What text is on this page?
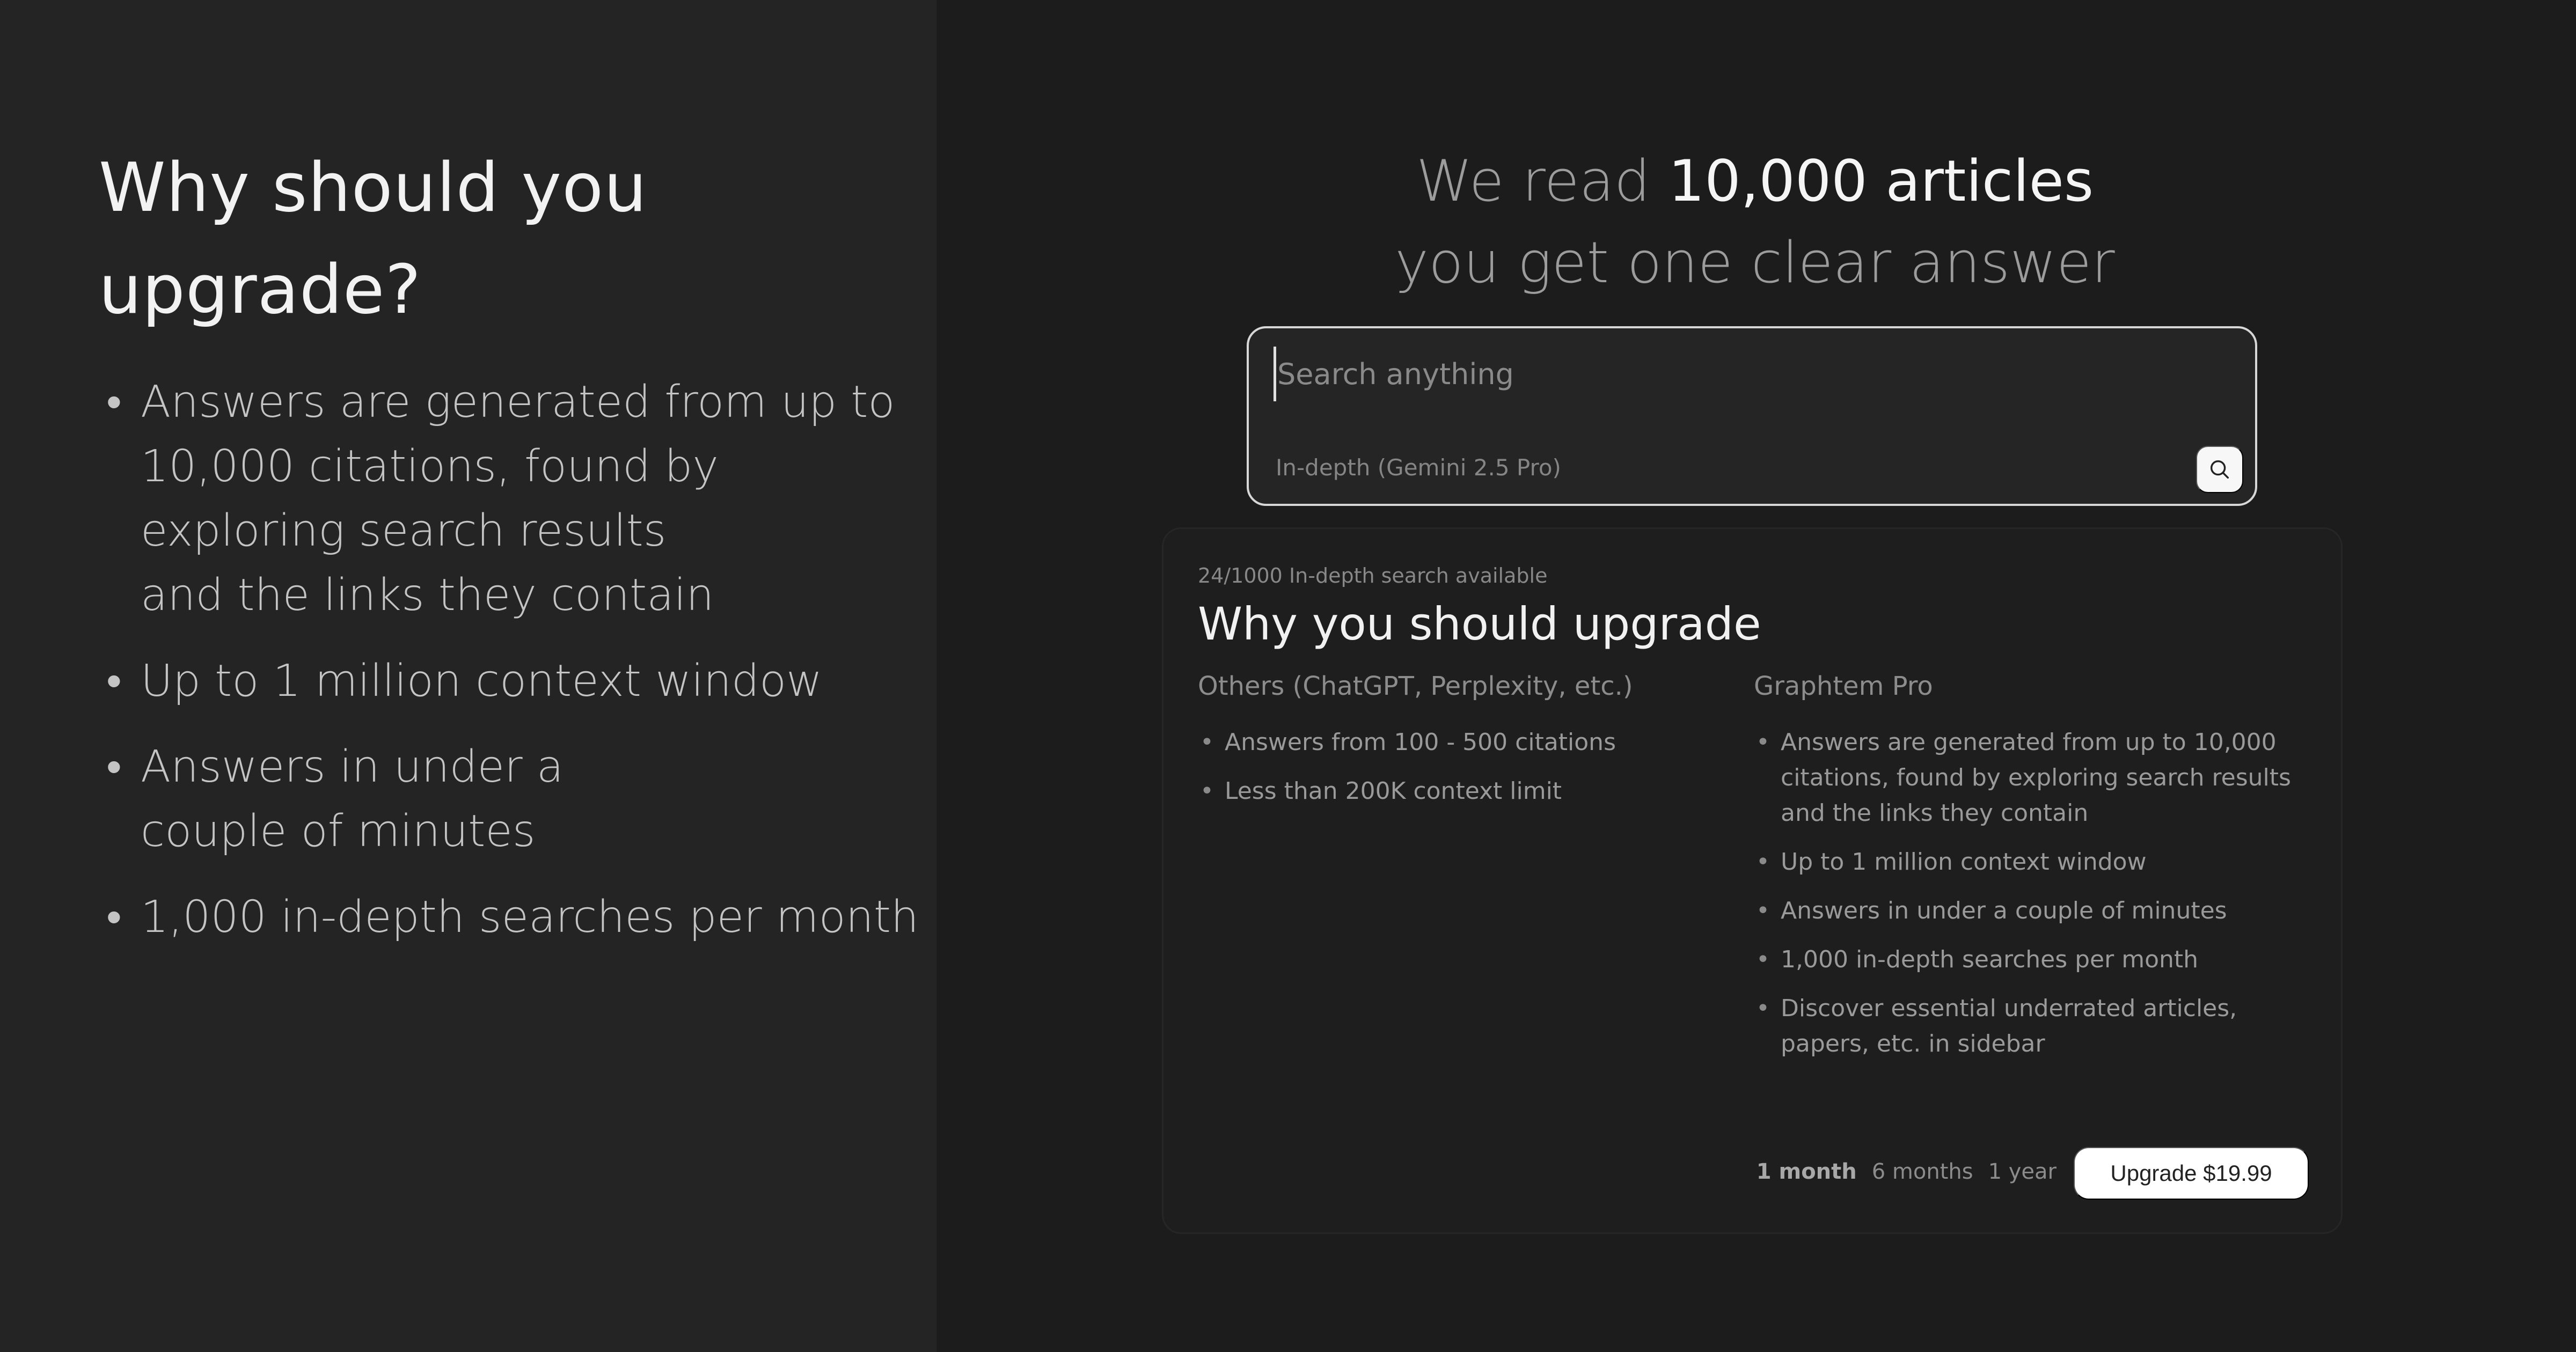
Why should you
upgrade?
• Answers are generated from up to
10,000 citations, found by
exploring search results
and the links they contain
• Up to 1 million context window
• Answers in under a
couple of minutes
• 1,000 in-depth searches per month
We read 10,000 articles
you get one clear answer
Search anything
In-depth (Gemini 2.5 Pro)
24/1000 In-depth search available
Why you should upgrade
Others (ChatGPT, Perplexity, etc.)
• Answers from 100 - 500 citations
• Less than 200K context limit
Graphtem Pro
• Answers are generated from up to 10,000 citations, found by exploring search results and the links they contain
• Up to 1 million context window
• Answers in under a couple of minutes
• 1,000 in-depth searches per month
• Discover essential underrated articles, papers, etc. in sidebar
1 month 6 months 1 year	Upgrade $19.99
